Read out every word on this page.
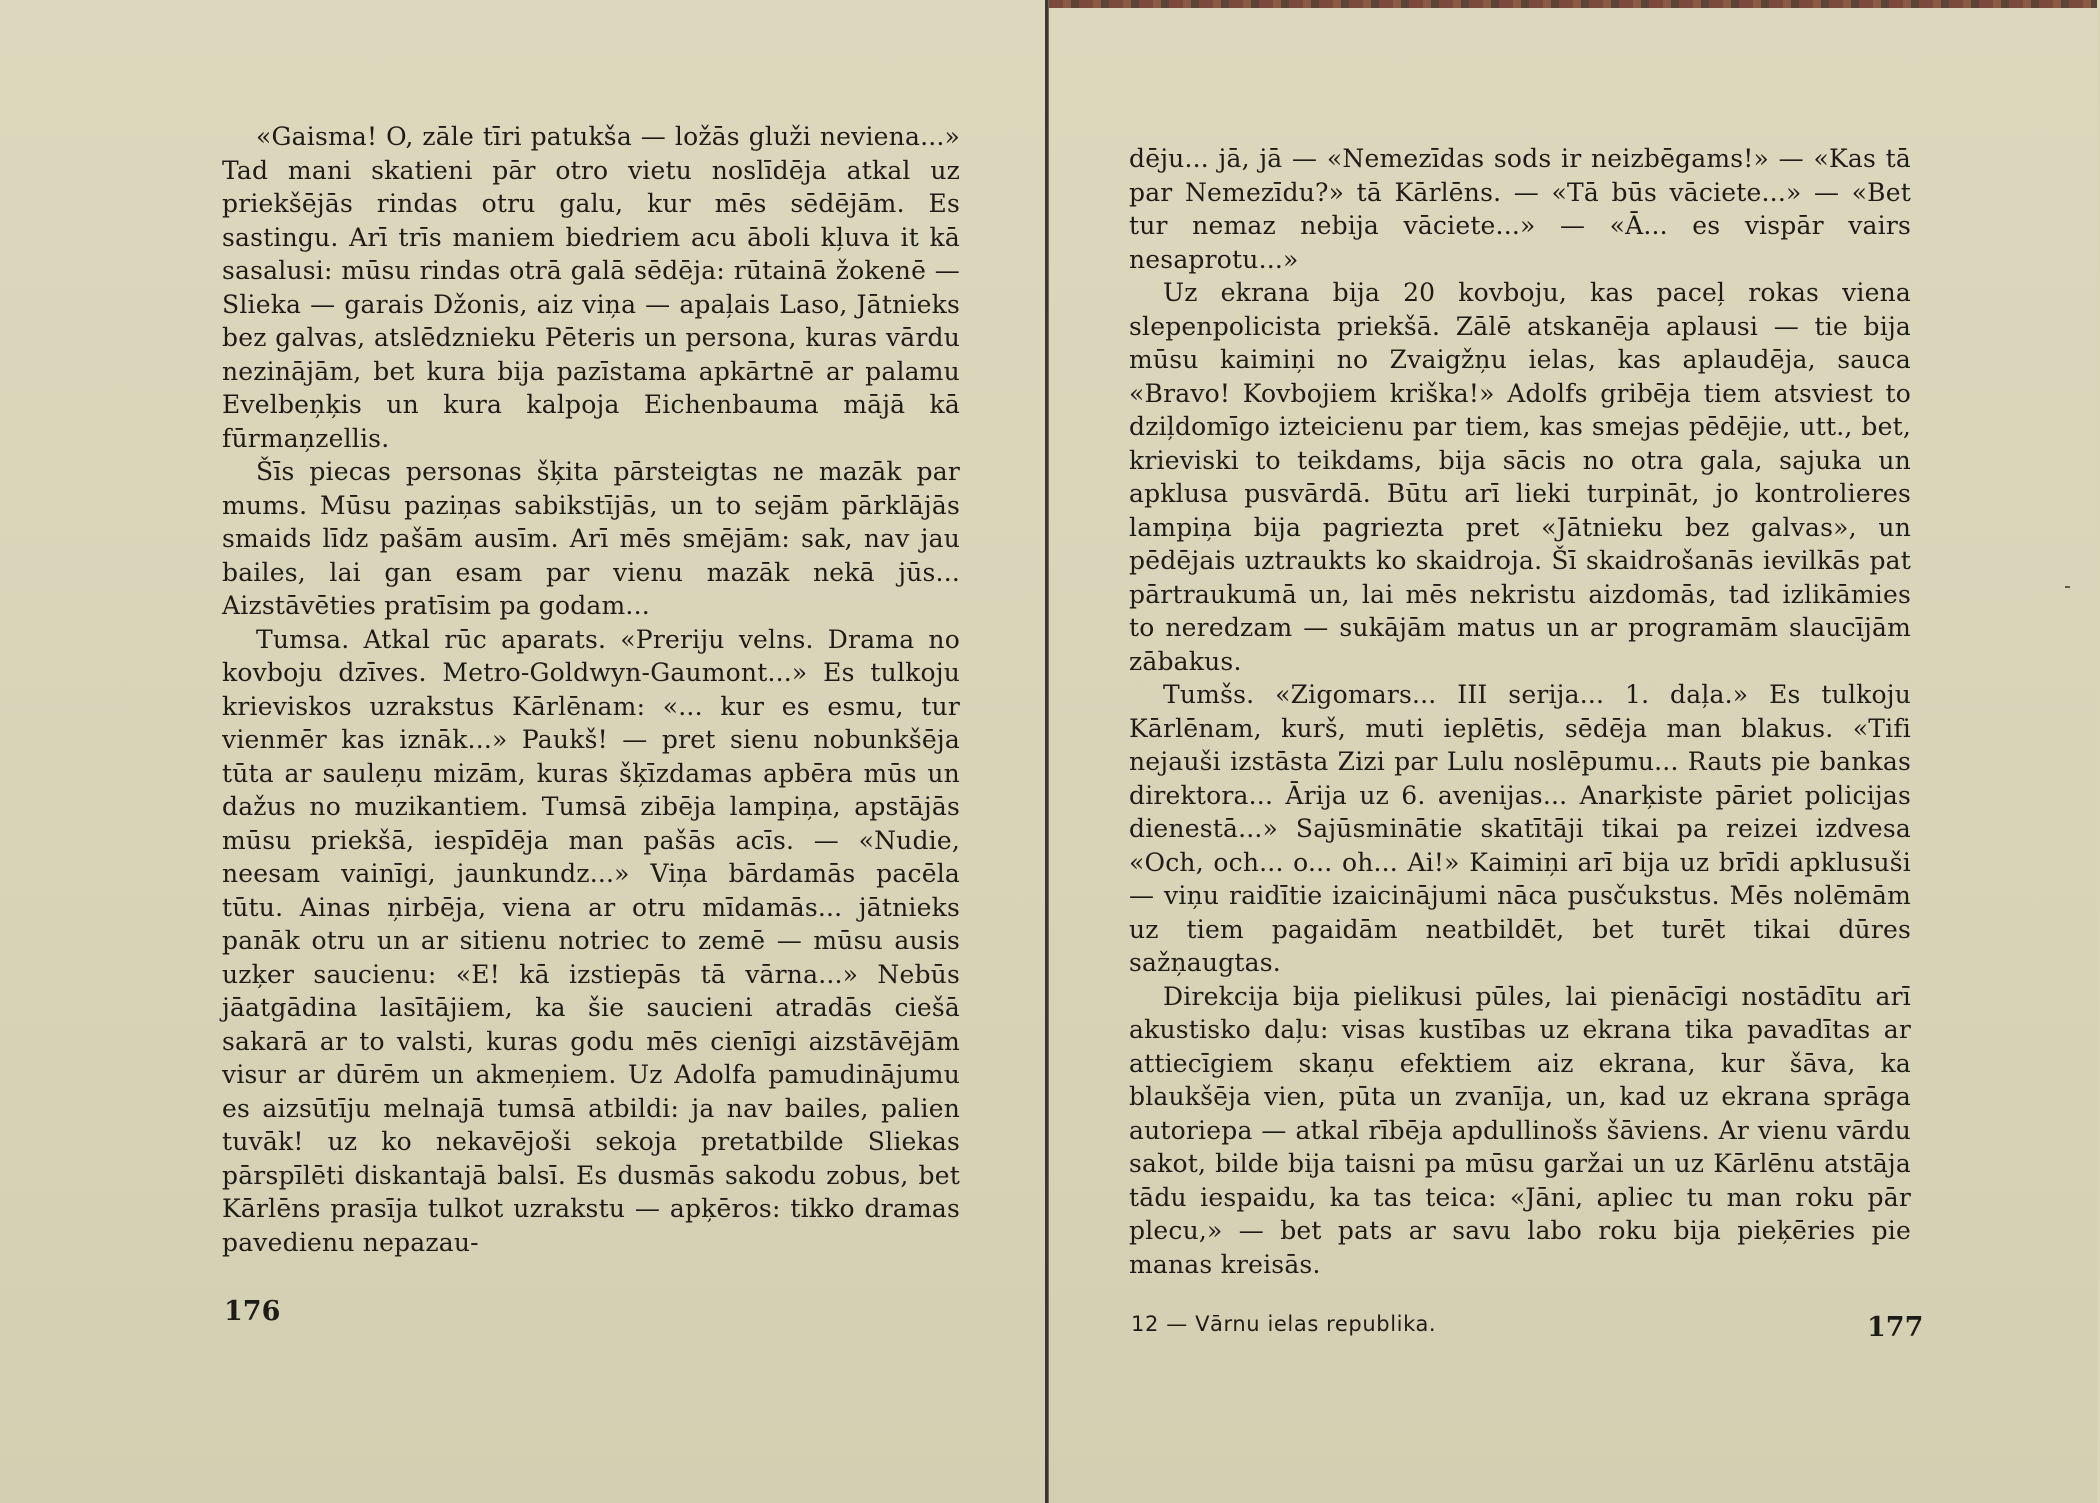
«Gaisma! O, zāle tīri patukša — ložās gluži neviena...» Tad mani skatieni pār otro vietu noslīdēja atkal uz priekšējās rindas otru galu, kur mēs sēdējām. Es sastingu. Arī trīs maniem biedriem acu āboli kļuva it kā sasalusi: mūsu rindas otrā galā sēdēja: rūtainā žokenē — Slieka — garais Džonis, aiz viņa — apaļais Laso, Jātnieks bez galvas, atslēdznieku Pēteris un persona, kuras vārdu nezinājām, bet kura bija pazīstama apkārtnē ar palamu Evelbeņķis un kura kalpoja Eichenbauma mājā kā fūrmaņzellis.

Šīs piecas personas šķita pārsteigtas ne mazāk par mums. Mūsu paziņas sabikstījās, un to sejām pārklājās smaids līdz pašām ausīm. Arī mēs smējām: sak, nav jau bailes, lai gan esam par vienu mazāk nekā jūs... Aizstāvēties pratīsim pa godam...

Tumsa. Atkal rūc aparats. «Preriju velns. Drama no kovboju dzīves. Metro-Goldwyn-Gaumont...» Es tulkoju krieviskos uzrakstus Kārlēnam: «... kur es esmu, tur vienmēr kas iznāk...» Paukš! — pret sienu nobunkšēja tūta ar sauleņu mizām, kuras šķīzdamas apbēra mūs un dažus no muzikantiem. Tumsā zibēja lampiņa, apstājās mūsu priekšā, iespīdēja man pašās acīs. — «Nudie, neesam vainīgi, jaunkundz...» Viņa bārdamās pacēla tūtu. Ainas ņirbēja, viena ar otru mīdamās... jātnieks panāk otru un ar sitienu notriec to zemē — mūsu ausis uzķer saucienu: «E! kā izstiepās tā vārna...» Nebūs jāatgādina lasītājiem, ka šie saucieni atradās ciešā sakarā ar to valsti, kuras godu mēs cienīgi aizstāvējām visur ar dūrēm un akmeņiem. Uz Adolfa pamudinājumu es aizsūtīju melnajā tumsā atbildi: ja nav bailes, palien tuvāk! uz ko nekavējoši sekoja pretatbilde Sliekas pārspīlēti diskantajā balsī. Es dusmās sakodu zobus, bet Kārlēns prasīja tulkot uzrakstu — apķēros: tikko dramas pavedienu nepazau-

176

dēju... jā, jā — «Nemezīdas sods ir neizbēgams!» — «Kas tā par Nemezīdu?» tā Kārlēns. — «Tā būs vāciete...» — «Bet tur nemaz nebija vāciete...» — «Ā... es vispār vairs nesaprotu...»

Uz ekrana bija 20 kovboju, kas paceļ rokas viena slepenpolicista priekšā. Zālē atskanēja aplausi — tie bija mūsu kaimiņi no Zvaigžņu ielas, kas aplaudēja, sauca «Bravo! Kovbojiem kriška!» Adolfs gribēja tiem atsviest to dziļdomīgo izteicienu par tiem, kas smejas pēdējie, utt., bet, krieviski to teikdams, bija sācis no otra gala, sajuka un apklusa pusvārdā. Būtu arī lieki turpināt, jo kontrolieres lampiņa bija pagriezta pret «Jātnieku bez galvas», un pēdējais uztraukts ko skaidroja. Šī skaidrošanās ievilkās pat pārtraukumā un, lai mēs nekristu aizdomās, tad izlikāmies to neredzam — sukājām matus un ar programām slaucījām zābakus.

Tumšs. «Zigomars... III serija... 1. daļa.» Es tulkoju Kārlēnam, kurš, muti ieplētis, sēdēja man blakus. «Tifi nejauši izstāsta Zizi par Lulu noslēpumu... Rauts pie bankas direktora... Ārija uz 6. avenijas... Anarķiste pāriet policijas dienestā...» Sajūsminātie skatītāji tikai pa reizei izdvesa «Och, och... o... oh... Ai!» Kaimiņi arī bija uz brīdi apklusuši — viņu raidītie izaicinājumi nāca pusčukstus. Mēs nolēmām uz tiem pagaidām neatbildēt, bet turēt tikai dūres sažņaugtas.

Direkcija bija pielikusi pūles, lai pienācīgi nostādītu arī akustisko daļu: visas kustības uz ekrana tika pavadītas ar attiecīgiem skaņu efektiem aiz ekrana, kur šāva, ka blaukšēja vien, pūta un zvanīja, un, kad uz ekrana sprāga autoriepa — atkal rībēja apdullinošs šāviens. Ar vienu vārdu sakot, bilde bija taisni pa mūsu garžai un uz Kārlēnu atstāja tādu iespaidu, ka tas teica: «Jāni, apliec tu man roku pār plecu,» — bet pats ar savu labo roku bija pieķēries pie manas kreisās.

12 — Vārnu ielas republika.	177
